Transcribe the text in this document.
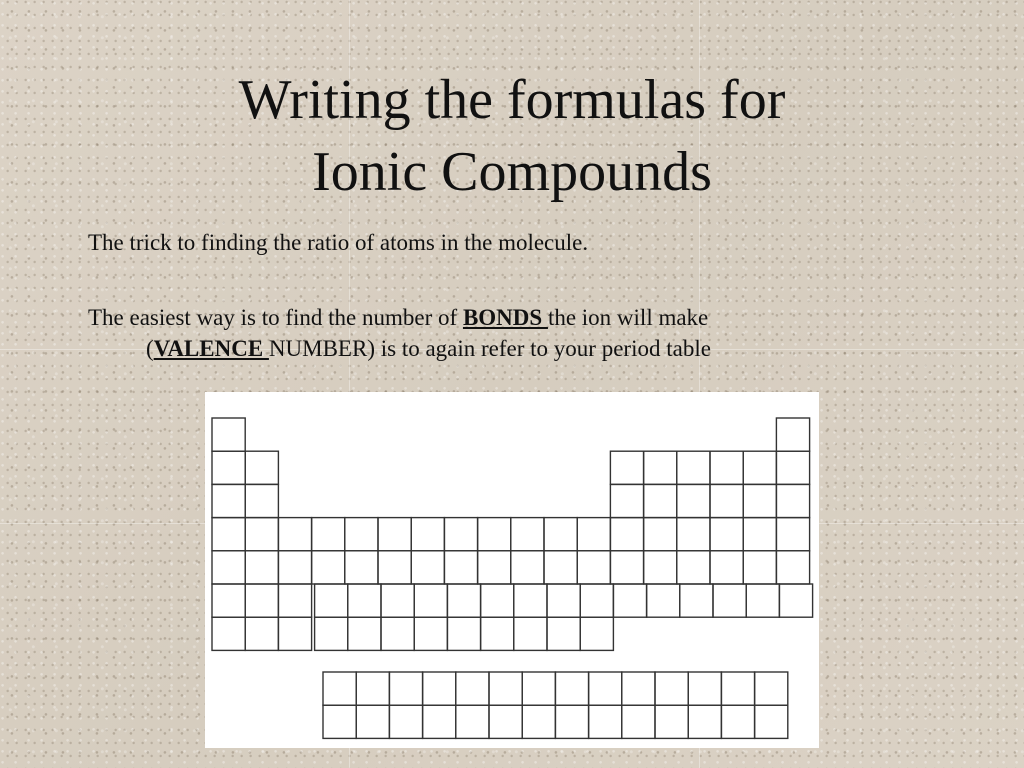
Writing the formulas for
Ionic Compounds

The trick to finding the ratio of atoms in the molecule.

The easiest way is to find the number of BONDS the ion will make
(VALENCE NUMBER) is to again refer to your period table
